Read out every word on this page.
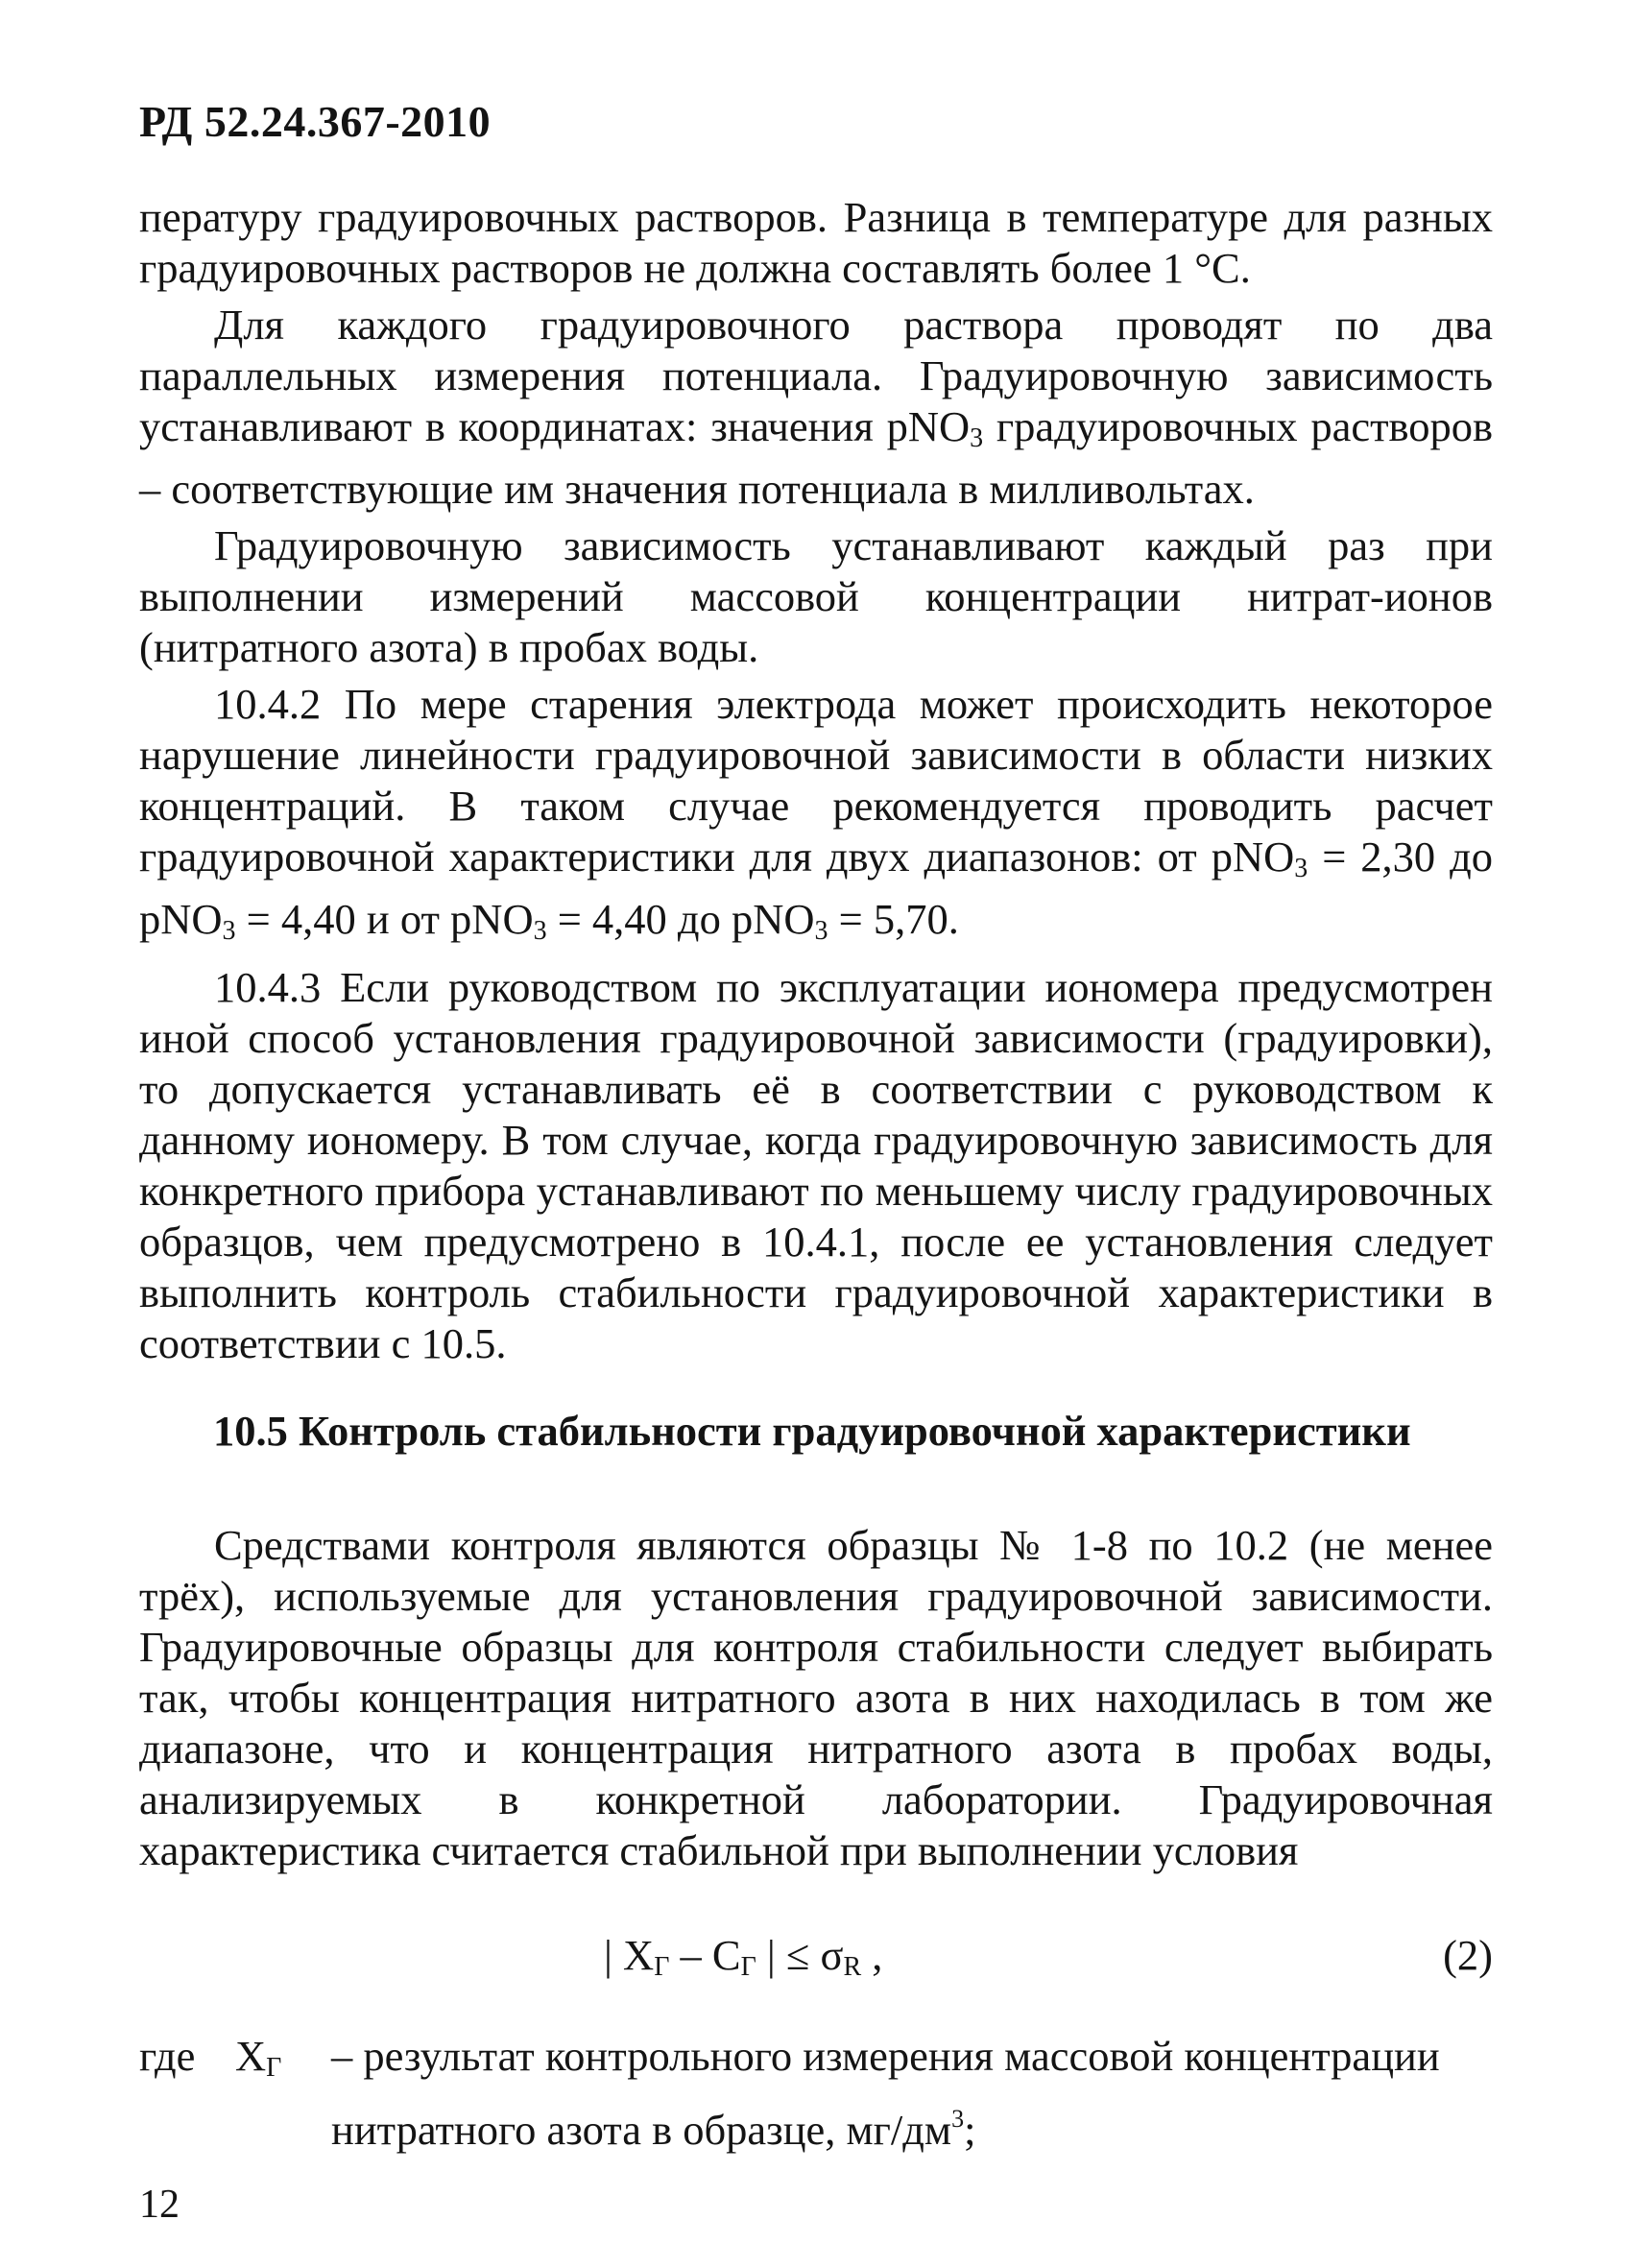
РД 52.24.367-2010

пературу градуировочных растворов. Разница в температуре для разных градуировочных растворов не должна составлять более 1 °С.

Для каждого градуировочного раствора проводят по два параллельных измерения потенциала. Градуировочную зависимость устанавливают в координатах: значения pNO$_3$ градуировочных растворов – соответствующие им значения потенциала в милливольтах.

Градуировочную зависимость устанавливают каждый раз при выполнении измерений массовой концентрации нитрат-ионов (нитратного азота) в пробах воды.

10.4.2 По мере старения электрода может происходить некоторое нарушение линейности градуировочной зависимости в области низких концентраций. В таком случае рекомендуется проводить расчет градуировочной характеристики для двух диапазонов: от pNO$_3$ = 2,30 до pNO$_3$ = 4,40 и от pNO$_3$ = 4,40 до pNO$_3$ = 5,70.

10.4.3 Если руководством по эксплуатации иономера предусмотрен иной способ установления градуировочной зависимости (градуировки), то допускается устанавливать её в соответствии с руководством к данному иономеру. В том случае, когда градуировочную зависимость для конкретного прибора устанавливают по меньшему числу градуировочных образцов, чем предусмотрено в 10.4.1, после ее установления следует выполнить контроль стабильности градуировочной характеристики в соответствии с 10.5.

10.5 Контроль стабильности градуировочной характеристики

Средствами контроля являются образцы № 1-8 по 10.2 (не менее трёх), используемые для установления градуировочной зависимости. Градуировочные образцы для контроля стабильности следует выбирать так, чтобы концентрация нитратного азота в них находилась в том же диапазоне, что и концентрация нитратного азота в пробах воды, анализируемых в конкретной лаборатории. Градуировочная характеристика считается стабильной при выполнении условия

| $X_Г - С_Г$ | ≤ $\sigma_R$ ,	(2)
где $X_Г$	– результат контрольного измерения массовой концентрации
нитратного азота в образце, $мг/дм^3$;
12
